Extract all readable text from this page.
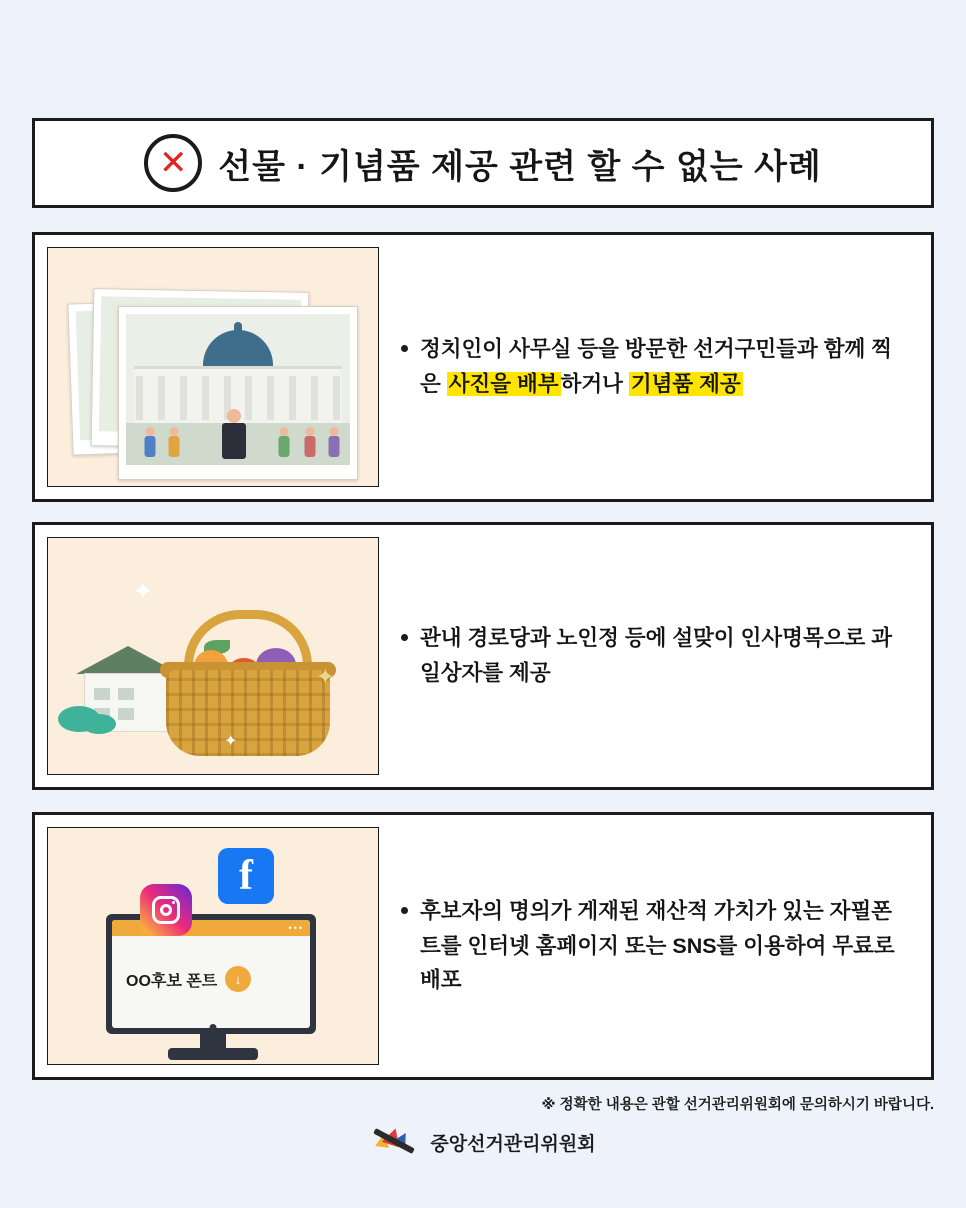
✕ 선물 · 기념품 제공 관련 할 수 없는 사례
정치인이 사무실 등을 방문한 선거구민들과 함께 찍은 사진을 배부하거나 기념품 제공
✦
✦
✦
관내 경로당과 노인정 등에 설맞이 인사명목으로 과일상자를 제공
•••
OO후보 폰트	↓
f
후보자의 명의가 게재된 재산적 가치가 있는 자필폰트를 인터넷 홈페이지 또는 SNS를 이용하여 무료로 배포
※ 정확한 내용은 관할 선거관리위원회에 문의하시기 바랍니다.
중앙선거관리위원회
